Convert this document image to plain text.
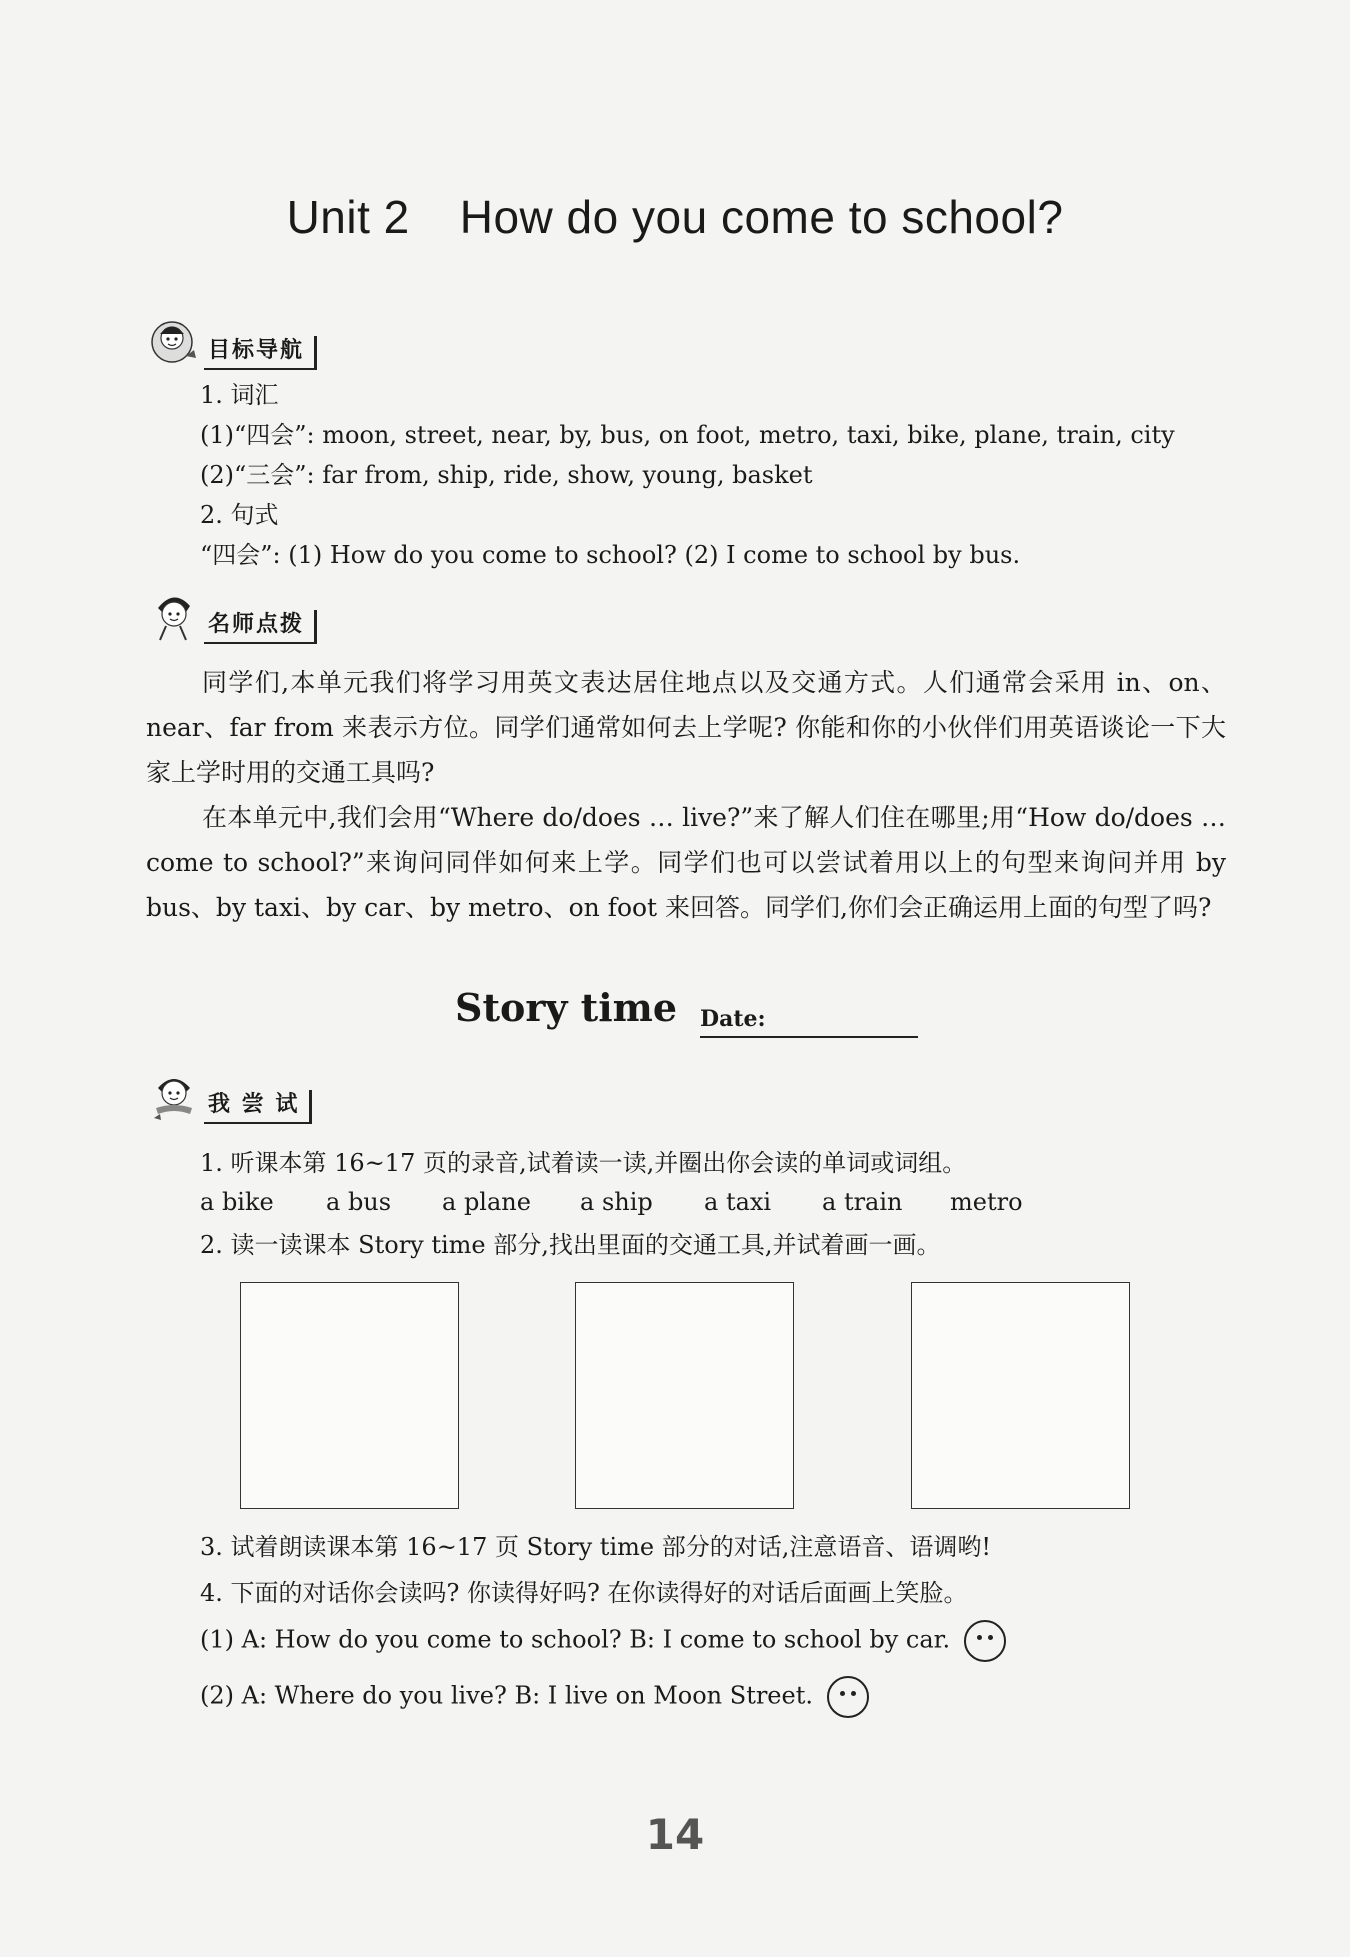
Unit 2 How do you come to school?
目标导航
1. 词汇
(1)“四会”: moon, street, near, by, bus, on foot, metro, taxi, bike, plane, train, city
(2)“三会”: far from, ship, ride, show, young, basket
2. 句式
“四会”: (1) How do you come to school? (2) I come to school by bus.
名师点拨

同学们,本单元我们将学习用英文表达居住地点以及交通方式。人们通常会采用 in、on、near、far from 来表示方位。同学们通常如何去上学呢? 你能和你的小伙伴们用英语谈论一下大家上学时用的交通工具吗?

在本单元中,我们会用“Where do/does … live?”来了解人们住在哪里;用“How do/does … come to school?”来询问同伴如何来上学。同学们也可以尝试着用以上的句型来询问并用 by bus、by taxi、by car、by metro、on foot 来回答。同学们,你们会正确运用上面的句型了吗?

Story time Date:
我 尝 试
1. 听课本第 16~17 页的录音,试着读一读,并圈出你会读的单词或词组。
a bike	a bus	a plane	a ship	a taxi	a train	metro
2. 读一读课本 Story time 部分,找出里面的交通工具,并试着画一画。
3. 试着朗读课本第 16~17 页 Story time 部分的对话,注意语音、语调哟!
4. 下面的对话你会读吗? 你读得好吗? 在你读得好的对话后面画上笑脸。
(1) A: How do you come to school? B: I come to school by car.
(2) A: Where do you live? B: I live on Moon Street.
14
